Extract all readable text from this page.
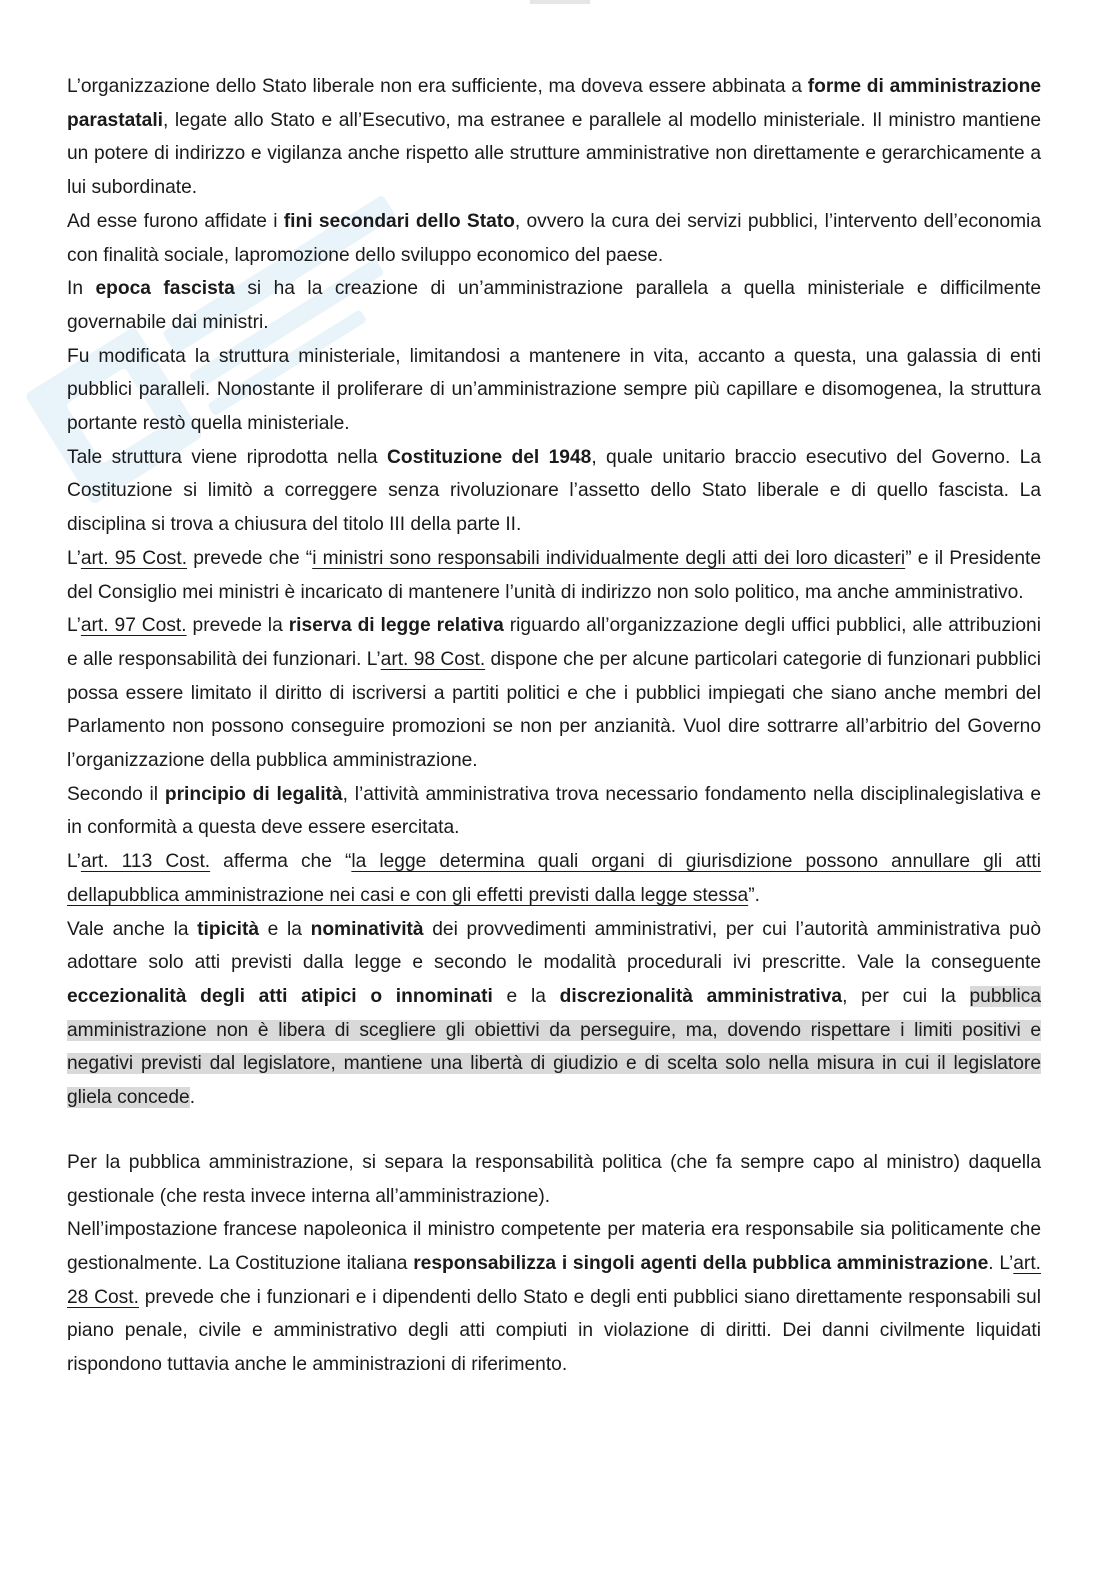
L’organizzazione dello Stato liberale non era sufficiente, ma doveva essere abbinata a forme di amministrazione parastatali, legate allo Stato e all’Esecutivo, ma estranee e parallele al modello ministeriale. Il ministro mantiene un potere di indirizzo e vigilanza anche rispetto alle strutture amministrative non direttamente e gerarchicamente a lui subordinate.

Ad esse furono affidate i fini secondari dello Stato, ovvero la cura dei servizi pubblici, l’intervento dell’economia con finalità sociale, lapromozione dello sviluppo economico del paese.

In epoca fascista si ha la creazione di un’amministrazione parallela a quella ministeriale e difficilmente governabile dai ministri.

Fu modificata la struttura ministeriale, limitandosi a mantenere in vita, accanto a questa, una galassia di enti pubblici paralleli. Nonostante il proliferare di un’amministrazione sempre più capillare e disomogenea, la struttura portante restò quella ministeriale.

Tale struttura viene riprodotta nella Costituzione del 1948, quale unitario braccio esecutivo del Governo. La Costituzione si limitò a correggere senza rivoluzionare l’assetto dello Stato liberale e di quello fascista. La disciplina si trova a chiusura del titolo III della parte II.

L’art. 95 Cost. prevede che “i ministri sono responsabili individualmente degli atti dei loro dicasteri” e il Presidente del Consiglio mei ministri è incaricato di mantenere l’unità di indirizzo non solo politico, ma anche amministrativo.

L’art. 97 Cost. prevede la riserva di legge relativa riguardo all’organizzazione degli uffici pubblici, alle attribuzioni e alle responsabilità dei funzionari. L’art. 98 Cost. dispone che per alcune particolari categorie di funzionari pubblici possa essere limitato il diritto di iscriversi a partiti politici e che i pubblici impiegati che siano anche membri del Parlamento non possono conseguire promozioni se non per anzianità. Vuol dire sottrarre all’arbitrio del Governo l’organizzazione della pubblica amministrazione.

Secondo il principio di legalità, l’attività amministrativa trova necessario fondamento nella disciplinalegislativa e in conformità a questa deve essere esercitata.

L’art. 113 Cost. afferma che “la legge determina quali organi di giurisdizione possono annullare gli atti dellapubblica amministrazione nei casi e con gli effetti previsti dalla legge stessa”.

Vale anche la tipicità e la nominatività dei provvedimenti amministrativi, per cui l’autorità amministrativa può adottare solo atti previsti dalla legge e secondo le modalità procedurali ivi prescritte. Vale la conseguente eccezionalità degli atti atipici o innominati e la discrezionalità amministrativa, per cui la pubblica amministrazione non è libera di scegliere gli obiettivi da perseguire, ma, dovendo rispettare i limiti positivi e negativi previsti dal legislatore, mantiene una libertà di giudizio e di scelta solo nella misura in cui il legislatore gliela concede.

Per la pubblica amministrazione, si separa la responsabilità politica (che fa sempre capo al ministro) daquella gestionale (che resta invece interna all’amministrazione).

Nell’impostazione francese napoleonica il ministro competente per materia era responsabile sia politicamente che gestionalmente. La Costituzione italiana responsabilizza i singoli agenti della pubblica amministrazione. L’art. 28 Cost. prevede che i funzionari e i dipendenti dello Stato e degli enti pubblici siano direttamente responsabili sul piano penale, civile e amministrativo degli atti compiuti in violazione di diritti. Dei danni civilmente liquidati rispondono tuttavia anche le amministrazioni di riferimento.
